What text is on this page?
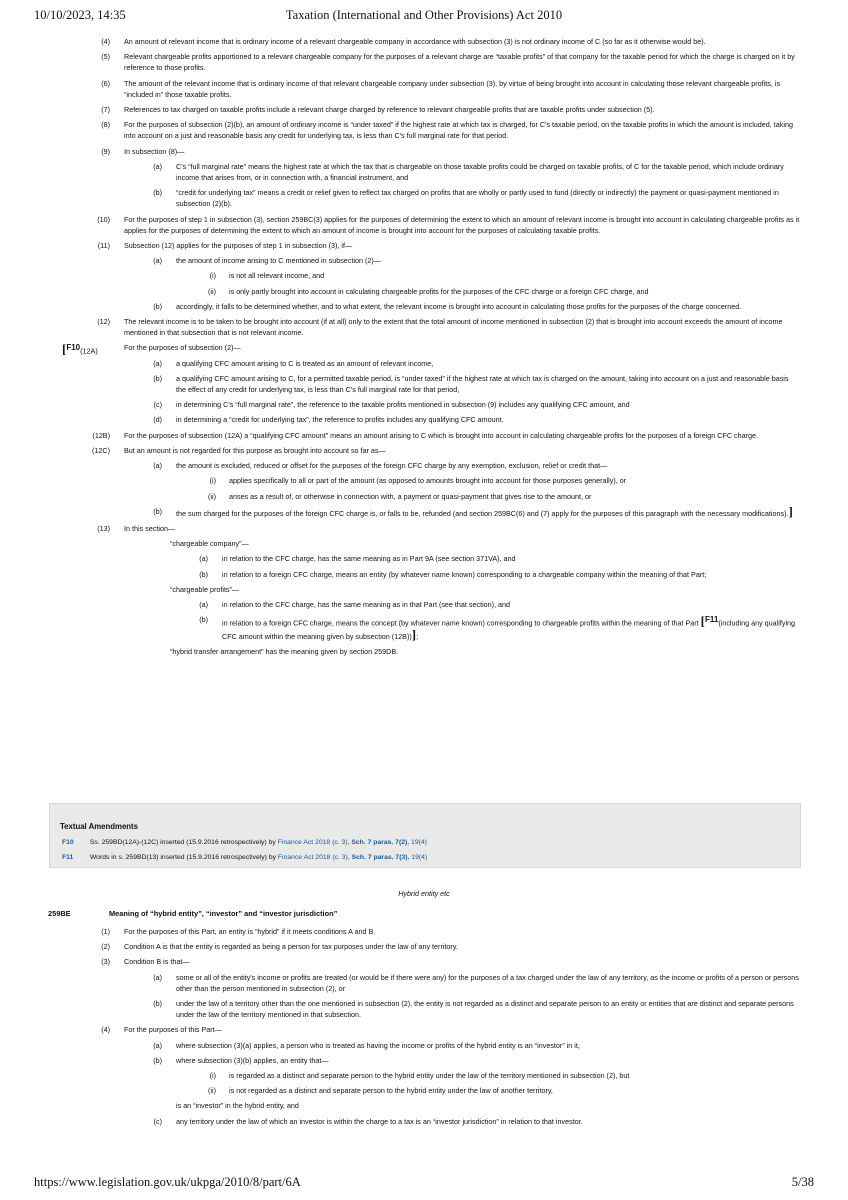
10/10/2023, 14:35	Taxation (International and Other Provisions) Act 2010
(4) An amount of relevant income that is ordinary income of a relevant chargeable company in accordance with subsection (3) is not ordinary income of C (so far as it otherwise would be).
(5) Relevant chargeable profits apportioned to a relevant chargeable company for the purposes of a relevant charge are “taxable profits” of that company for the taxable period for which the charge is charged on it by reference to those profits.
(6) The amount of the relevant income that is ordinary income of that relevant chargeable company under subsection (3), by virtue of being brought into account in calculating those relevant chargeable profits, is “included in” those taxable profits.
(7) References to tax charged on taxable profits include a relevant charge charged by reference to relevant chargeable profits that are taxable profits under subsection (5).
(8) For the purposes of subsection (2)(b), an amount of ordinary income is “under taxed” if the highest rate at which tax is charged, for C's taxable period, on the taxable profits in which the amount is included, taking into account on a just and reasonable basis any credit for underlying tax, is less than C's full marginal rate for that period.
(9) In subsection (8)—
(a) C's “full marginal rate” means the highest rate at which the tax that is chargeable on those taxable profits could be charged on taxable profits, of C for the taxable period, which include ordinary income that arises from, or in connection with, a financial instrument, and
(b) “credit for underlying tax” means a credit or relief given to reflect tax charged on profits that are wholly or partly used to fund (directly or indirectly) the payment or quasi-payment mentioned in subsection (2)(b).
(10) For the purposes of step 1 in subsection (3), section 259BC(3) applies for the purposes of determining the extent to which an amount of relevant income is brought into account in calculating chargeable profits as it applies for the purposes of determining the extent to which an amount of income is brought into account for the purposes of calculating taxable profits.
(11) Subsection (12) applies for the purposes of step 1 in subsection (3), if—
(a) the amount of income arising to C mentioned in subsection (2)—
(i) is not all relevant income, and
(ii) is only partly brought into account in calculating chargeable profits for the purposes of the CFC charge or a foreign CFC charge, and
(b) accordingly, it falls to be determined whether, and to what extent, the relevant income is brought into account in calculating those profits for the purposes of the charge concerned.
(12) The relevant income is to be taken to be brought into account (if at all) only to the extent that the total amount of income mentioned in subsection (2) that is brought into account exceeds the amount of income mentioned in that subsection that is not relevant income.
[F10(12A)	For the purposes of subsection (2)—
(a) a qualifying CFC amount arising to C is treated as an amount of relevant income,
(b) a qualifying CFC amount arising to C, for a permitted taxable period, is “under taxed” if the highest rate at which tax is charged on the amount, taking into account on a just and reasonable basis the effect of any credit for underlying tax, is less than C's full marginal rate for that period,
(c) in determining C's “full marginal rate”, the reference to the taxable profits mentioned in subsection (9) includes any qualifying CFC amount, and
(d) in determining a “credit for underlying tax”, the reference to profits includes any qualifying CFC amount.
(12B) For the purposes of subsection (12A) a “qualifying CFC amount” means an amount arising to C which is brought into account in calculating chargeable profits for the purposes of a foreign CFC charge.
(12C) But an amount is not regarded for this purpose as brought into account so far as—
(a) the amount is excluded, reduced or offset for the purposes of the foreign CFC charge by any exemption, exclusion, relief or credit that—
(i) applies specifically to all or part of the amount (as opposed to amounts brought into account for those purposes generally), or
(ii) arises as a result of, or otherwise in connection with, a payment or quasi-payment that gives rise to the amount, or
(b) the sum charged for the purposes of the foreign CFC charge is, or falls to be, refunded (and section 259BC(6) and (7) apply for the purposes of this paragraph with the necessary modifications).]
(13) In this section—
“chargeable company”—
(a) in relation to the CFC charge, has the same meaning as in Part 9A (see section 371VA), and
(b) in relation to a foreign CFC charge, means an entity (by whatever name known) corresponding to a chargeable company within the meaning of that Part;
“chargeable profits”—
(a) in relation to the CFC charge, has the same meaning as in that Part (see that section), and
(b) in relation to a foreign CFC charge, means the concept (by whatever name known) corresponding to chargeable profits within the meaning of that Part [F11(including any qualifying CFC amount within the meaning given by subsection (12B))];
“hybrid transfer arrangement” has the meaning given by section 259DB.
Textual Amendments
F10 Ss. 259BD(12A)-(12C) inserted (15.9.2016 retrospectively) by Finance Act 2018 (c. 3), Sch. 7 paras. 7(2), 19(4)
F11 Words in s. 259BD(13) inserted (15.9.2016 retrospectively) by Finance Act 2018 (c. 3), Sch. 7 paras. 7(3), 19(4)
Hybrid entity etc
259BE	Meaning of “hybrid entity”, “investor” and “investor jurisdiction”
(1) For the purposes of this Part, an entity is “hybrid” if it meets conditions A and B.
(2) Condition A is that the entity is regarded as being a person for tax purposes under the law of any territory.
(3) Condition B is that—
(a) some or all of the entity's income or profits are treated (or would be if there were any) for the purposes of a tax charged under the law of any territory, as the income or profits of a person or persons other than the person mentioned in subsection (2), or
(b) under the law of a territory other than the one mentioned in subsection (2), the entity is not regarded as a distinct and separate person to an entity or entities that are distinct and separate persons under the law of the territory mentioned in that subsection.
(4) For the purposes of this Part—
(a) where subsection (3)(a) applies, a person who is treated as having the income or profits of the hybrid entity is an “investor” in it,
(b) where subsection (3)(b) applies, an entity that—
(i) is regarded as a distinct and separate person to the hybrid entity under the law of the territory mentioned in subsection (2), but
(ii) is not regarded as a distinct and separate person to the hybrid entity under the law of another territory,
is an “investor” in the hybrid entity, and
(c) any territory under the law of which an investor is within the charge to a tax is an “investor jurisdiction” in relation to that investor.
https://www.legislation.gov.uk/ukpga/2010/8/part/6A	5/38
